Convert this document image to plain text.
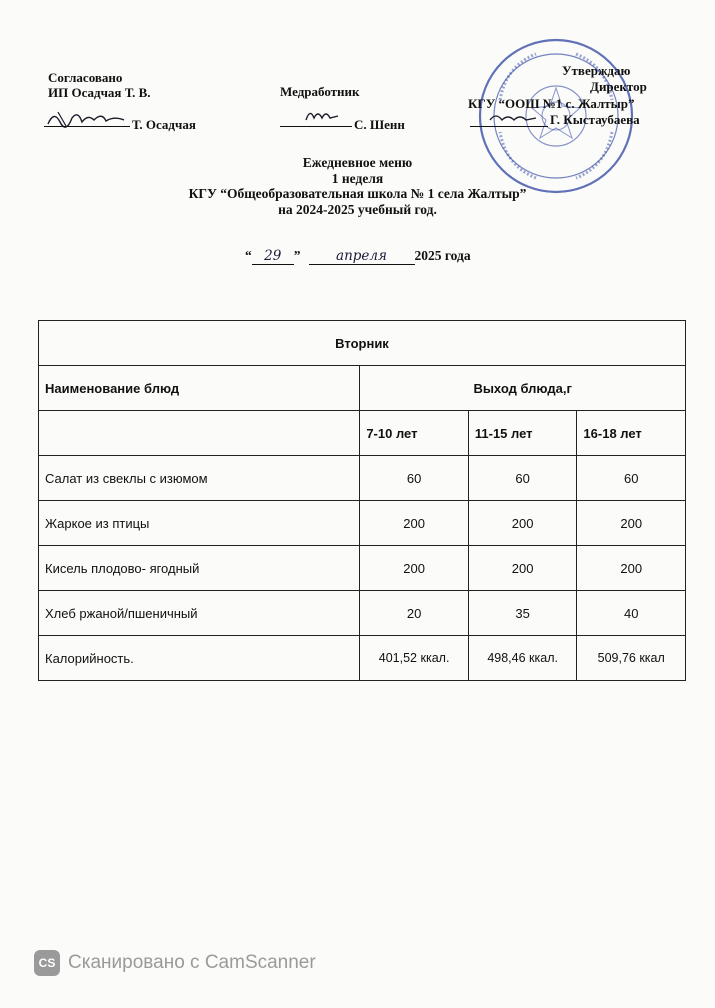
Согласовано
ИП Осадчая Т. В.
Т. Осадчая
Медработник
С. Шенн
Утверждаю
Директор
КГУ “ООШ №1 с. Жалтыр”
Г. Кыстаубаева
Ежедневное меню
1 неделя
КГУ “Общеобразовательная школа № 1 села Жалтыр”
на 2024-2025 учебный год.
“ 29 ”	апреля	2025 года
Вторник			
Наименование блюд	Выход блюда,г		
	7-10 лет	11-15 лет	16-18 лет
Салат из свеклы с изюмом	60	60	60
Жаркое из птицы	200	200	200
Кисель плодово- ягодный	200	200	200
Хлеб ржаной/пшеничный	20	35	40
Калорийность.	401,52 ккал.	498,46 ккал.	509,76 ккал
CS Сканировано с CamScanner
